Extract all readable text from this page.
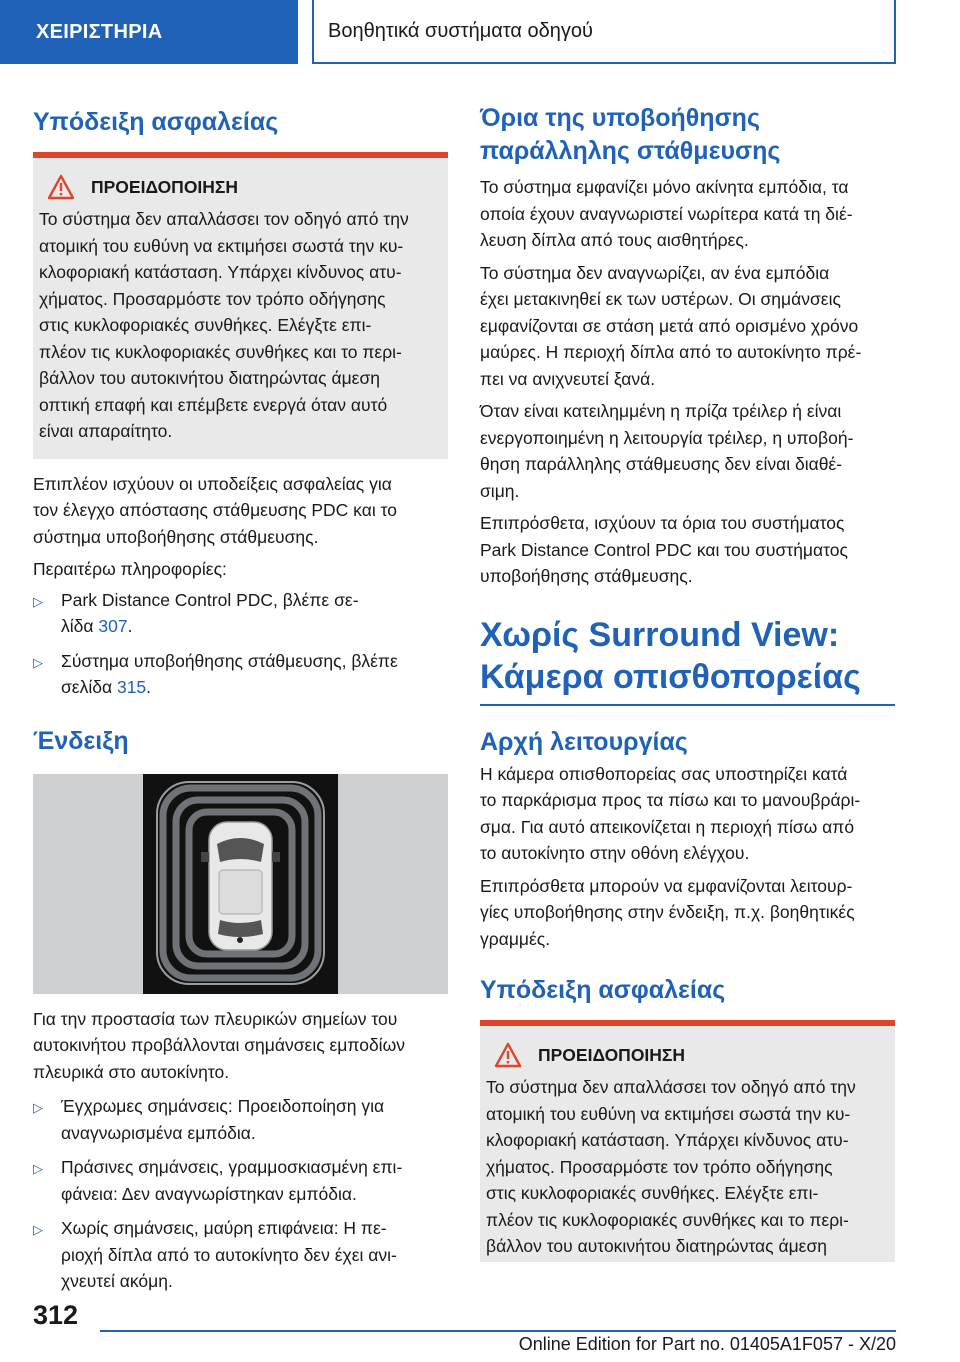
ΧΕΙΡΙΣΤΗΡΙΑ	Βοηθητικά συστήματα οδηγού
Υπόδειξη ασφαλείας
ΠΡΟΕΙΔΟΠΟΙΗΣΗ

Το σύστημα δεν απαλλάσσει τον οδηγό από την

ατομική του ευθύνη να εκτιμήσει σωστά την κυ-

κλοφοριακή κατάσταση. Υπάρχει κίνδυνος ατυ-

χήματος. Προσαρμόστε τον τρόπο οδήγησης

στις κυκλοφοριακές συνθήκες. Ελέγξτε επι-

πλέον τις κυκλοφοριακές συνθήκες και το περι-

βάλλον του αυτοκινήτου διατηρώντας άμεση

οπτική επαφή και επέμβετε ενεργά όταν αυτό

είναι απαραίτητο.

Επιπλέον ισχύουν οι υποδείξεις ασφαλείας για

τον έλεγχο απόστασης στάθμευσης PDC και το

σύστημα υποβοήθησης στάθμευσης.

Περαιτέρω πληροφορίες:

▷	Park Distance Control PDC, βλέπε σε-
λίδα 307.
▷	Σύστημα υποβοήθησης στάθμευσης, βλέπε
σελίδα 315.
Ένδειξη

Για την προστασία των πλευρικών σημείων του

αυτοκινήτου προβάλλονται σημάνσεις εμποδίων

πλευρικά στο αυτοκίνητο.

▷	Έγχρωμες σημάνσεις: Προειδοποίηση για
αναγνωρισμένα εμπόδια.
▷	Πράσινες σημάνσεις, γραμμοσκιασμένη επι-
φάνεια: Δεν αναγνωρίστηκαν εμπόδια.
▷	Χωρίς σημάνσεις, μαύρη επιφάνεια: Η πε-
ριοχή δίπλα από το αυτοκίνητο δεν έχει ανι-
χνευτεί ακόμη.
Όρια της υποβοήθησης
παράλληλης στάθμευσης

Το σύστημα εμφανίζει μόνο ακίνητα εμπόδια, τα

οποία έχουν αναγνωριστεί νωρίτερα κατά τη διέ-

λευση δίπλα από τους αισθητήρες.

Το σύστημα δεν αναγνωρίζει, αν ένα εμπόδια

έχει μετακινηθεί εκ των υστέρων. Οι σημάνσεις

εμφανίζονται σε στάση μετά από ορισμένο χρόνο

μαύρες. Η περιοχή δίπλα από το αυτοκίνητο πρέ-

πει να ανιχνευτεί ξανά.

Όταν είναι κατειλημμένη η πρίζα τρέιλερ ή είναι

ενεργοποιημένη η λειτουργία τρέιλερ, η υποβοή-

θηση παράλληλης στάθμευσης δεν είναι διαθέ-

σιμη.

Επιπρόσθετα, ισχύουν τα όρια του συστήματος

Park Distance Control PDC και του συστήματος

υποβοήθησης στάθμευσης.

Χωρίς Surround View:
Κάμερα οπισθοπορείας
Αρχή λειτουργίας

Η κάμερα οπισθοπορείας σας υποστηρίζει κατά

το παρκάρισμα προς τα πίσω και το μανουβράρι-

σμα. Για αυτό απεικονίζεται η περιοχή πίσω από

το αυτοκίνητο στην οθόνη ελέγχου.

Επιπρόσθετα μπορούν να εμφανίζονται λειτουρ-

γίες υποβοήθησης στην ένδειξη, π.χ. βοηθητικές

γραμμές.

Υπόδειξη ασφαλείας
ΠΡΟΕΙΔΟΠΟΙΗΣΗ

Το σύστημα δεν απαλλάσσει τον οδηγό από την

ατομική του ευθύνη να εκτιμήσει σωστά την κυ-

κλοφοριακή κατάσταση. Υπάρχει κίνδυνος ατυ-

χήματος. Προσαρμόστε τον τρόπο οδήγησης

στις κυκλοφοριακές συνθήκες. Ελέγξτε επι-

πλέον τις κυκλοφοριακές συνθήκες και το περι-

βάλλον του αυτοκινήτου διατηρώντας άμεση

312
Online Edition for Part no. 01405A1F057 - X/20
